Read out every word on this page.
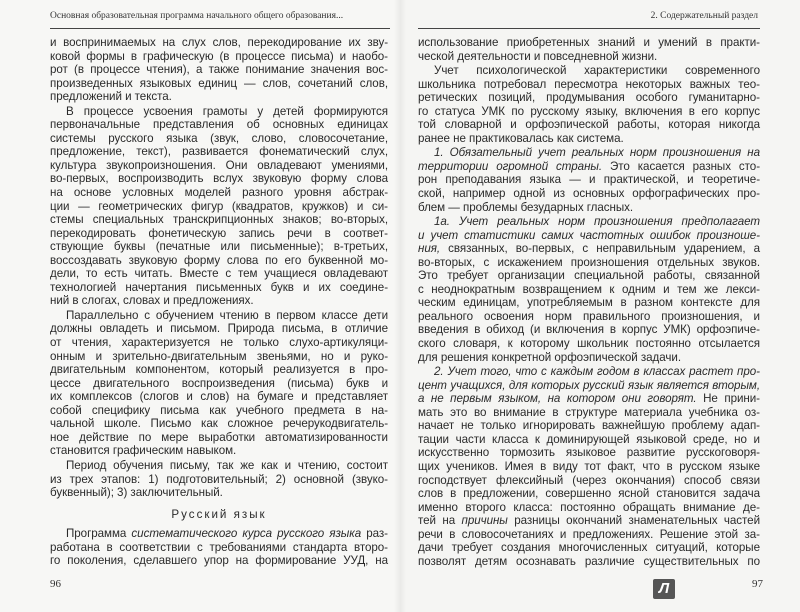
Основная образовательная программа начального общего образования...
и воспринимаемых на слух слов, перекодирование их зву-
ковой формы в графическую (в процессе письма) и наобо-
рот (в процессе чтения), а также понимание значения вос-
произведенных языковых единиц — слов, сочетаний слов,
предложений и текста.
В процессе усвоения грамоты у детей формируются
первоначальные представления об основных единицах
системы русского языка (звук, слово, словосочетание,
предложение, текст), развивается фонематический слух,
культура звукопроизношения. Они овладевают умениями,
во-первых, воспроизводить вслух звуковую форму слова
на основе условных моделей разного уровня абстрак-
ции — геометрических фигур (квадратов, кружков) и си-
стемы специальных транскрипционных знаков; во-вторых,
перекодировать фонетическую запись речи в соответ-
ствующие буквы (печатные или письменные); в-третьих,
воссоздавать звуковую форму слова по его буквенной мо-
дели, то есть читать. Вместе с тем учащиеся овладевают
технологией начертания письменных букв и их соедине-
ний в слогах, словах и предложениях.
Параллельно с обучением чтению в первом классе дети
должны овладеть и письмом. Природа письма, в отличие
от чтения, характеризуется не только слухо-артикуляци-
онным и зрительно-двигательным звеньями, но и руко-
двигательным компонентом, который реализуется в про-
цессе двигательного воспроизведения (письма) букв и
их комплексов (слогов и слов) на бумаге и представляет
собой специфику письма как учебного предмета в на-
чальной школе. Письмо как сложное речерукодвигатель-
ное действие по мере выработки автоматизированности
становится графическим навыком.
Период обучения письму, так же как и чтению, состоит
из трех этапов: 1) подготовительный; 2) основной (звуко-
буквенный); 3) заключительный.
Русский язык
Программа систематического курса русского языка раз-
работана в соответствии с требованиями стандарта второ-
го поколения, сделавшего упор на формирование УУД, на
96
использование приобретенных знаний и умений в практи-
ческой деятельности и повседневной жизни.
Учет психологической характеристики современного
школьника потребовал пересмотра некоторых важных тео-
ретических позиций, продумывания особого гуманитарно-
го статуса УМК по русскому языку, включения в его корпус
той словарной и орфоэпической работы, которая никогда
ранее не практиковалась как система.
1. Обязательный учет реальных норм произношения на
территории огромной страны. Это касается разных сто-
рон преподавания языка — и практической, и теоретиче-
ской, например одной из основных орфографических про-
блем — проблемы безударных гласных.
1а. Учет реальных норм произношения предполагает
и учет статистики самих частотных ошибок произноше-
ния, связанных, во-первых, с неправильным ударением, а
во-вторых, с искажением произношения отдельных звуков.
Это требует организации специальной работы, связанной
с неоднократным возвращением к одним и тем же лекси-
ческим единицам, употребляемым в разном контексте для
реального освоения норм правильного произношения, и
введения в обиход (и включения в корпус УМК) орфоэпиче-
ского словаря, к которому школьник постоянно отсылается
для решения конкретной орфоэпической задачи.
2. Учет того, что с каждым годом в классах растет про-
цент учащихся, для которых русский язык является вторым,
а не первым языком, на котором они говорят. Не прини-
мать это во внимание в структуре материала учебника оз-
начает не только игнорировать важнейшую проблему адап-
тации части класса к доминирующей языковой среде, но и
искусственно тормозить языковое развитие русскоговоря-
щих учеников. Имея в виду тот факт, что в русском языке
господствует флексийный (через окончания) способ связи
слов в предложении, совершенно ясной становится задача
именно второго класса: постоянно обращать внимание де-
тей на причины разницы окончаний знаменательных частей
речи в словосочетаниях и предложениях. Решение этой за-
дачи требует создания многочисленных ситуаций, которые
позволят детям осознавать различие существительных по
2. Содержательный раздел
97
Л
